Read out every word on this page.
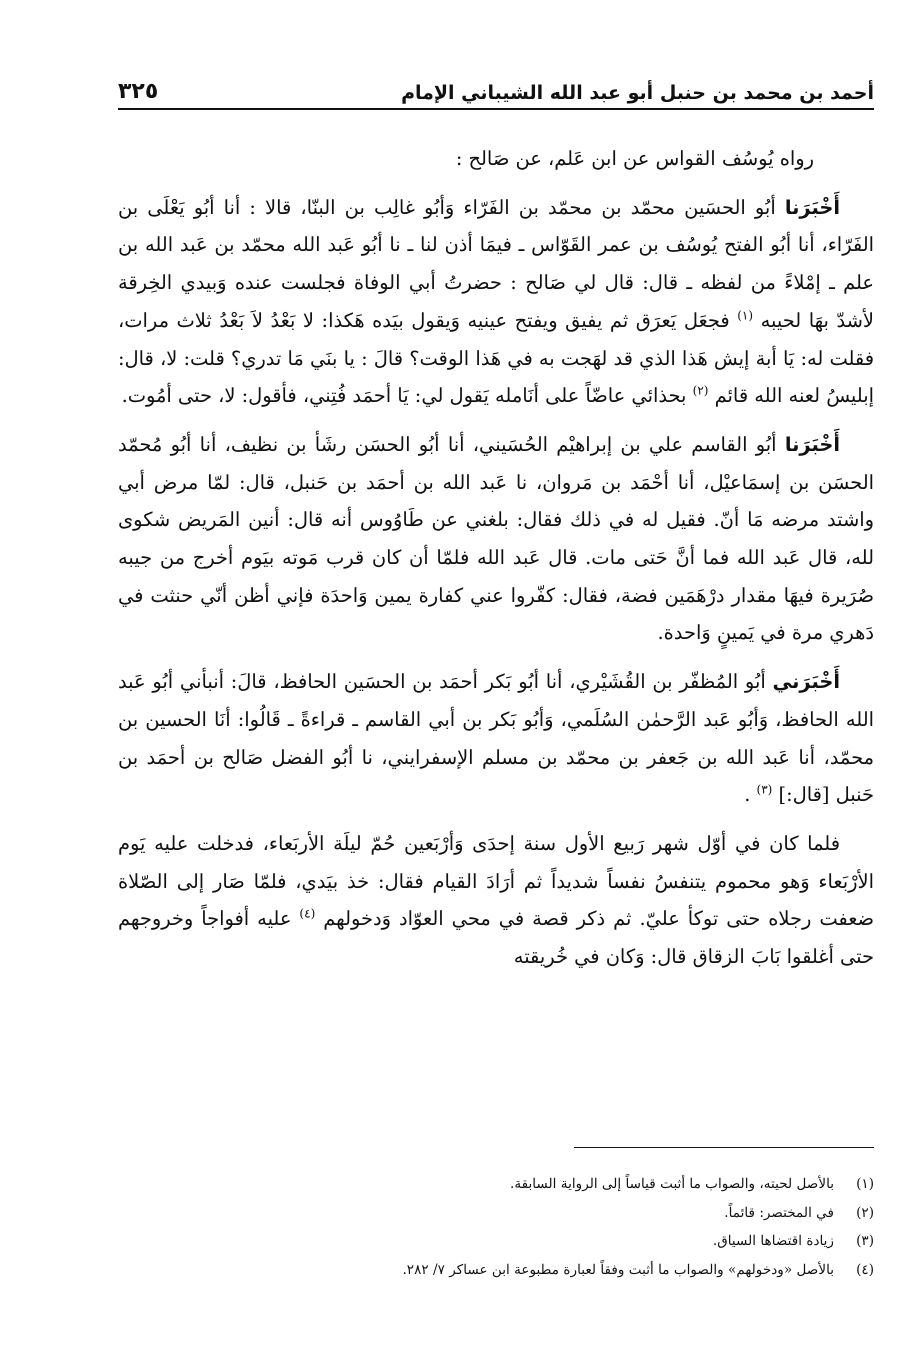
أحمد بن محمد بن حنبل أبو عبد الله الشيباني الإمام
٣٢٥

رواه يُوسُف القواس عن ابن عَلم، عن صَالح :

أَخْبَرَنا أبُو الحسَين محمّد بن محمّد بن الفَرّاء وَأبُو غالِب بن البنّا، قالا : أنا أبُو يَعْلَى بن الفَرّاء، أنا أبُو الفتح يُوسُف بن عمر القَوّاس ـ فيمَا أذن لنا ـ نا أبُو عَبد الله محمّد بن عَبد الله بن علم ـ إمْلاءً من لفظه ـ قال: قال لي صَالح : حضرتُ أبي الوفاة فجلست عنده وَبيدي الخِرقة لأشدّ بهَا لحيبه $^{(١)}$ فجعَل يَعرَق ثم يفيق ويفتح عينيه وَيقول بيَده هَكذا: لا بَعْدُ لاَ بَعْدُ ثلاث مرات، فقلت له: يَا أبة إيش هَذا الذي قد لهَجت به في هَذا الوقت؟ قالَ : يا بنَي مَا تدري؟ قلت: لا، قال: إبليسُ لعنه الله قائم $^{(٢)}$ بحذائي عاضّاً على أنَامله يَقول لي: يَا أحمَد فُتِني، فأقول: لا، حتى أمُوت.

أَخْبَرَنا أبُو القاسم علي بن إبراهيْم الحُسَيني، أنا أبُو الحسَن رشَأ بن نظيف، أنا أبُو مُحمّد الحسَن بن إسمَاعيْل، أنا أحْمَد بن مَروان، نا عَبد الله بن أحمَد بن حَنبل، قال: لمّا مرض أبي واشتد مرضه مَا أنّ. فقيل له في ذلك فقال: بلغني عن طَاوُوس أنه قال: أنين المَريض شكوى لله، قال عَبد الله فما أنَّ حَتى مات. قال عَبد الله فلمّا أن كان قرب مَوته بيَوم أخرج من جيبه صُرَيرة فيهَا مقدار درْهَمَين فضة، فقال: كفّروا عني كفارة يمين وَاحدَة فإني أظن أنّي حنثت في دَهري مرة في يَمينٍ وَاحدة.

أَخْبَرَني أبُو المُظفّر بن القُشَيْري، أنا أبُو بَكر أحمَد بن الحسَين الحافظ، قالَ: أنبأني أبُو عَبد الله الحافظ، وَأبُو عَبد الرَّحمٰن السُلَمي، وَأبُو بَكر بن أبي القاسم ـ قراءةً ـ قَالُوا: أنَا الحسين بن محمّد، أنا عَبد الله بن جَعفر بن محمّد بن مسلم الإسفرايني، نا أبُو الفضل صَالح بن أحمَد بن حَنبل [قال:] $^{(٣)}$ .

فلما كان في أوّل شهر رَبيع الأول سنة إحدَى وَأرْبَعين حُمّ ليلَة الأربَعاء، فدخلت عليه يَوم الأرْبَعاء وَهو محموم يتنفسُ نفساً شديداً ثم أرَادَ القيام فقال: خذ بيَدي، فلمّا صَار إلى الصّلاة ضعفت رجلاه حتى توكأ عليّ. ثم ذكر قصة في محي العوّاد وَدخولهم $^{(٤)}$ عليه أفواجاً وخروجهم حتى أغلقوا بَابَ الزقاق قال: وَكان في خُريقته

(١)
بالأصل لحيته، والصواب ما أثبت قياساً إلى الرواية السابقة.
(٢)
في المختصر: قائماً.
(٣)
زيادة اقتضاها السياق.
(٤)
بالأصل «ودخولهم» والصواب ما أثبت وفقاً لعبارة مطبوعة ابن عساكر ٧/ ٢٨٢.
